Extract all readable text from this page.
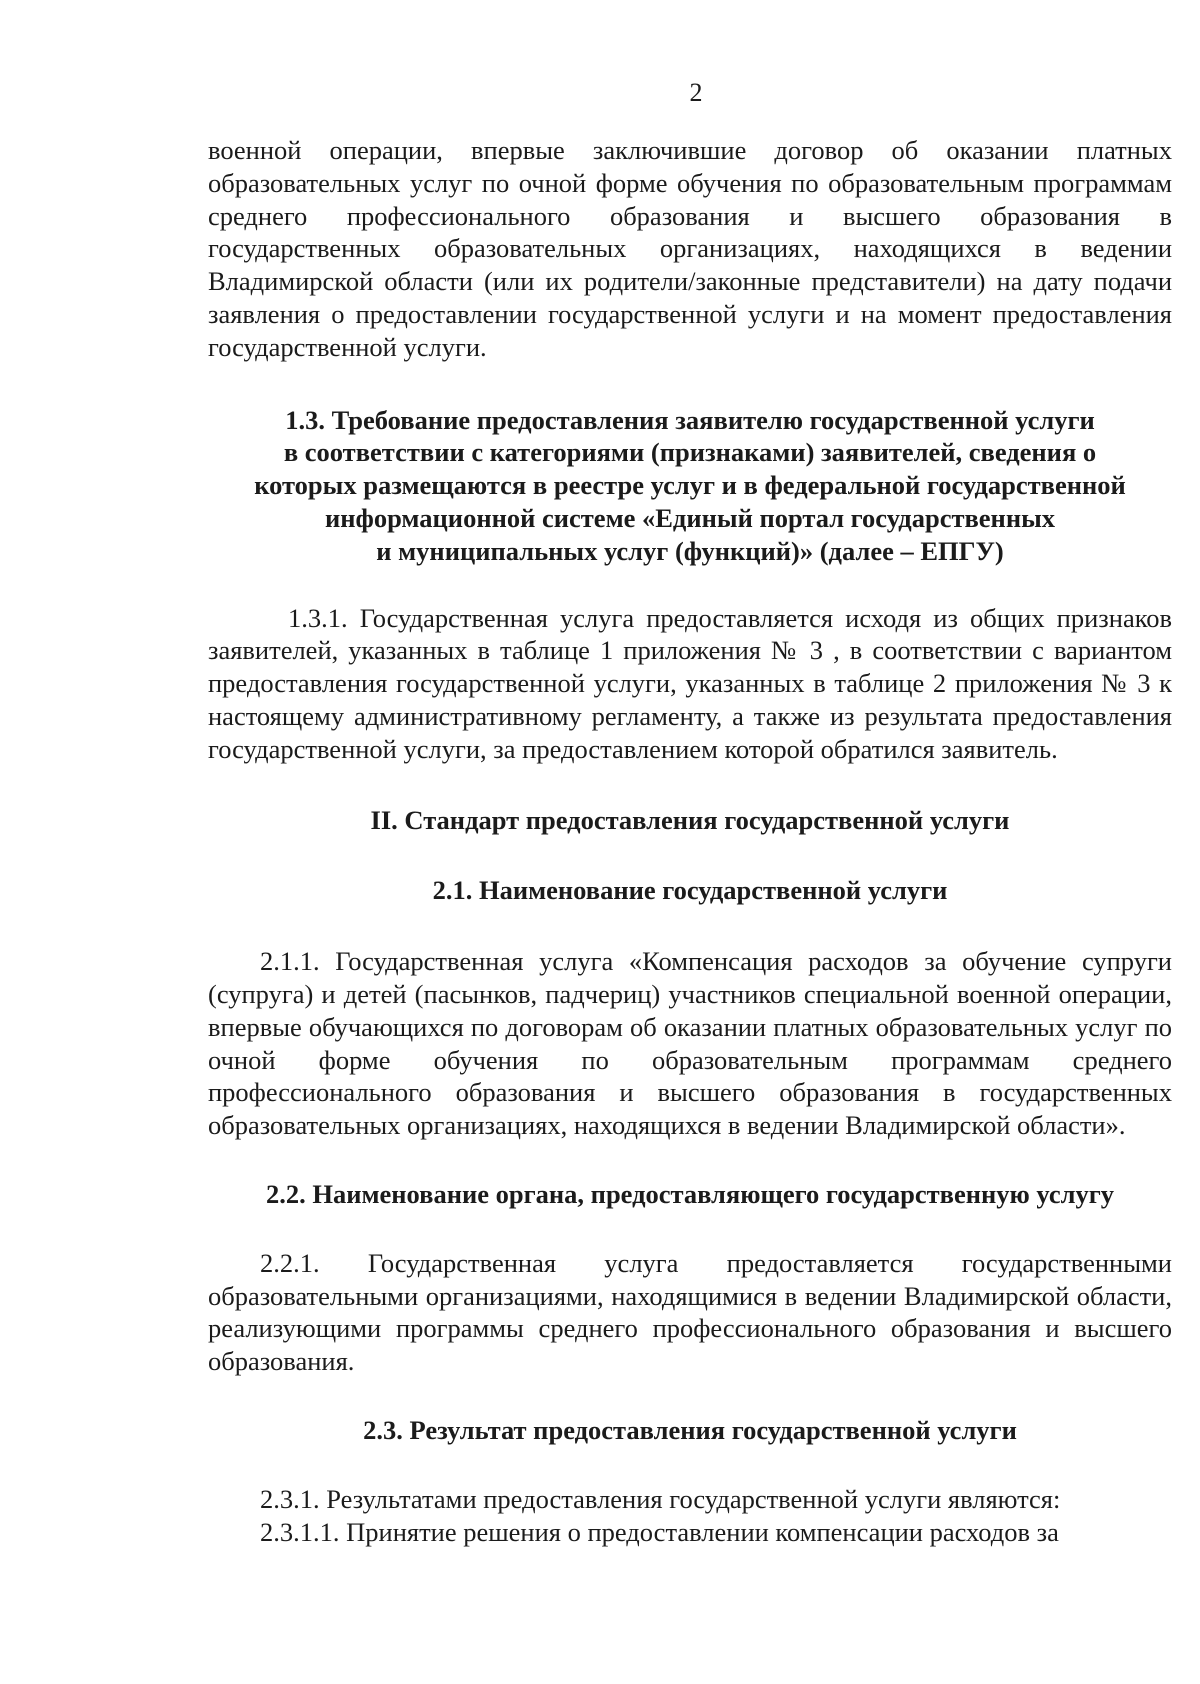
2

военной операции, впервые заключившие договор об оказании платных образовательных услуг по очной форме обучения по образовательным программам среднего профессионального образования и высшего образования в государственных образовательных организациях, находящихся в ведении Владимирской области (или их родители/законные представители) на дату подачи заявления о предоставлении государственной услуги и на момент предоставления государственной услуги.

1.3. Требование предоставления заявителю государственной услуги
в соответствии с категориями (признаками) заявителей, сведения о
которых размещаются в реестре услуг и в федеральной государственной
информационной системе «Единый портал государственных
и муниципальных услуг (функций)» (далее – ЕПГУ)

1.3.1. Государственная услуга предоставляется исходя из общих признаков заявителей, указанных в таблице 1 приложения № 3 , в соответствии с вариантом предоставления государственной услуги, указанных в таблице 2 приложения № 3 к настоящему административному регламенту, а также из результата предоставления государственной услуги, за предоставлением которой обратился заявитель.

II. Стандарт предоставления государственной услуги
2.1. Наименование государственной услуги

2.1.1. Государственная услуга «Компенсация расходов за обучение супруги (супруга) и детей (пасынков, падчериц) участников специальной военной операции, впервые обучающихся по договорам об оказании платных образовательных услуг по очной форме обучения по образовательным программам среднего профессионального образования и высшего образования в государственных образовательных организациях, находящихся в ведении Владимирской области».

2.2. Наименование органа, предоставляющего государственную услугу

2.2.1. Государственная услуга предоставляется государственными образовательными организациями, находящимися в ведении Владимирской области, реализующими программы среднего профессионального образования и высшего образования.

2.3. Результат предоставления государственной услуги

2.3.1. Результатами предоставления государственной услуги являются:

2.3.1.1. Принятие решения о предоставлении компенсации расходов за
